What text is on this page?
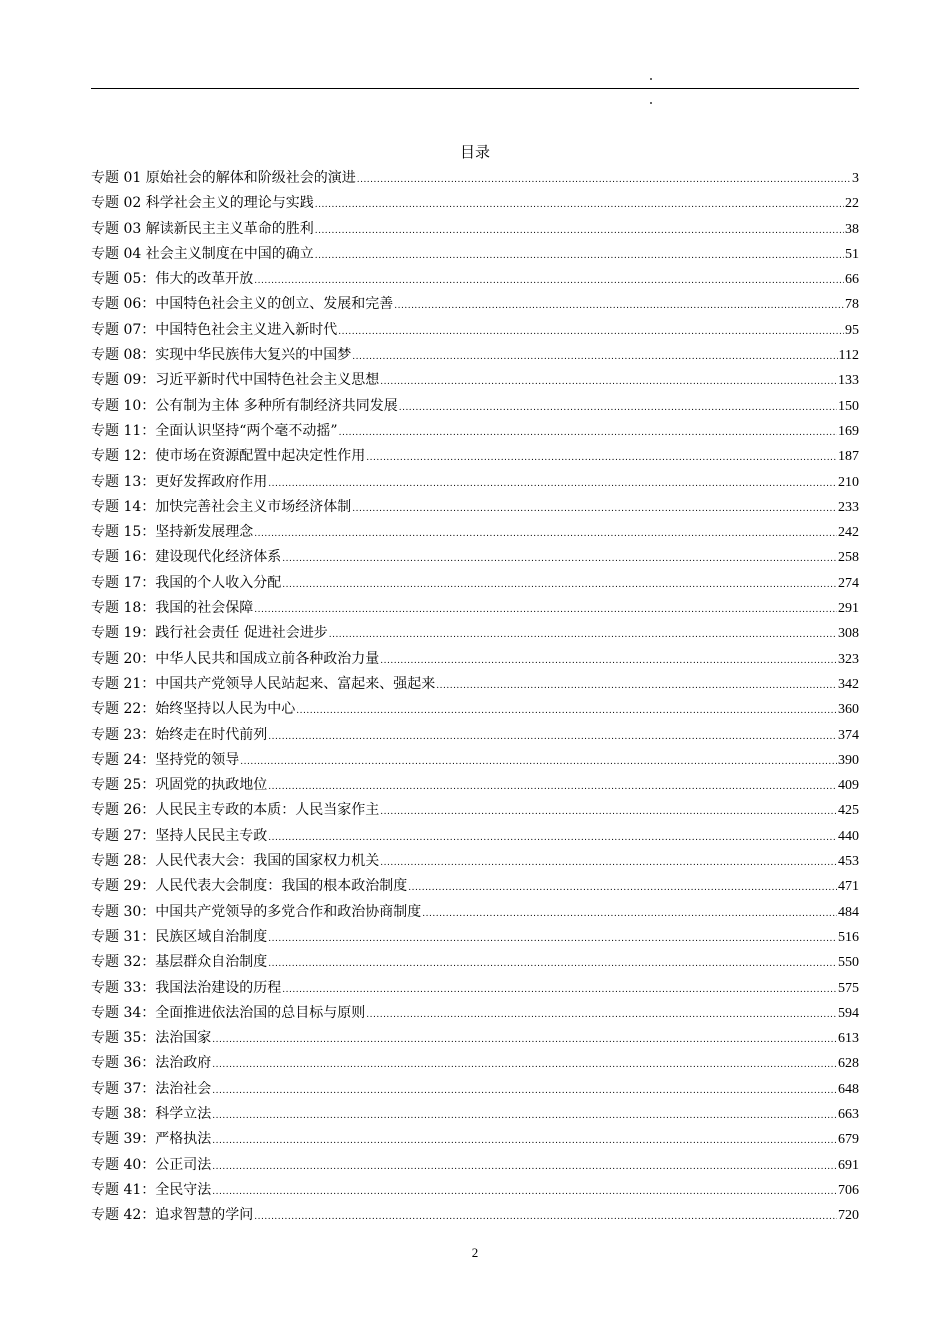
目录
专题 01 原始社会的解体和阶级社会的演进 .....	3
专题 02 科学社会主义的理论与实践 .....	22
专题 03 解读新民主主义革命的胜利 .....	38
专题 04 社会主义制度在中国的确立 .....	51
专题 05：伟大的改革开放 .....	66
专题 06：中国特色社会主义的创立、发展和完善 .....	78
专题 07：中国特色社会主义进入新时代 .....	95
专题 08：实现中华民族伟大复兴的中国梦 .....	112
专题 09：习近平新时代中国特色社会主义思想 .....	133
专题 10：公有制为主体 多种所有制经济共同发展 .....	150
专题 11：全面认识坚持“两个毫不动摇” .....	169
专题 12：使市场在资源配置中起决定性作用 .....	187
专题 13：更好发挥政府作用 .....	210
专题 14：加快完善社会主义市场经济体制 .....	233
专题 15：坚持新发展理念 .....	242
专题 16：建设现代化经济体系 .....	258
专题 17：我国的个人收入分配 .....	274
专题 18：我国的社会保障 .....	291
专题 19：践行社会责任 促进社会进步 .....	308
专题 20：中华人民共和国成立前各种政治力量 .....	323
专题 21：中国共产党领导人民站起来、富起来、强起来 .....	342
专题 22：始终坚持以人民为中心 .....	360
专题 23：始终走在时代前列 .....	374
专题 24：坚持党的领导 .....	390
专题 25：巩固党的执政地位 .....	409
专题 26：人民民主专政的本质：人民当家作主 .....	425
专题 27：坚持人民民主专政 .....	440
专题 28：人民代表大会：我国的国家权力机关 .....	453
专题 29：人民代表大会制度：我国的根本政治制度 .....	471
专题 30：中国共产党领导的多党合作和政治协商制度 .....	484
专题 31：民族区域自治制度 .....	516
专题 32：基层群众自治制度 .....	550
专题 33：我国法治建设的历程 .....	575
专题 34：全面推进依法治国的总目标与原则 .....	594
专题 35：法治国家 .....	613
专题 36：法治政府 .....	628
专题 37：法治社会 .....	648
专题 38：科学立法 .....	663
专题 39：严格执法 .....	679
专题 40：公正司法 .....	691
专题 41：全民守法 .....	706
专题 42：追求智慧的学问 .....	720
2
